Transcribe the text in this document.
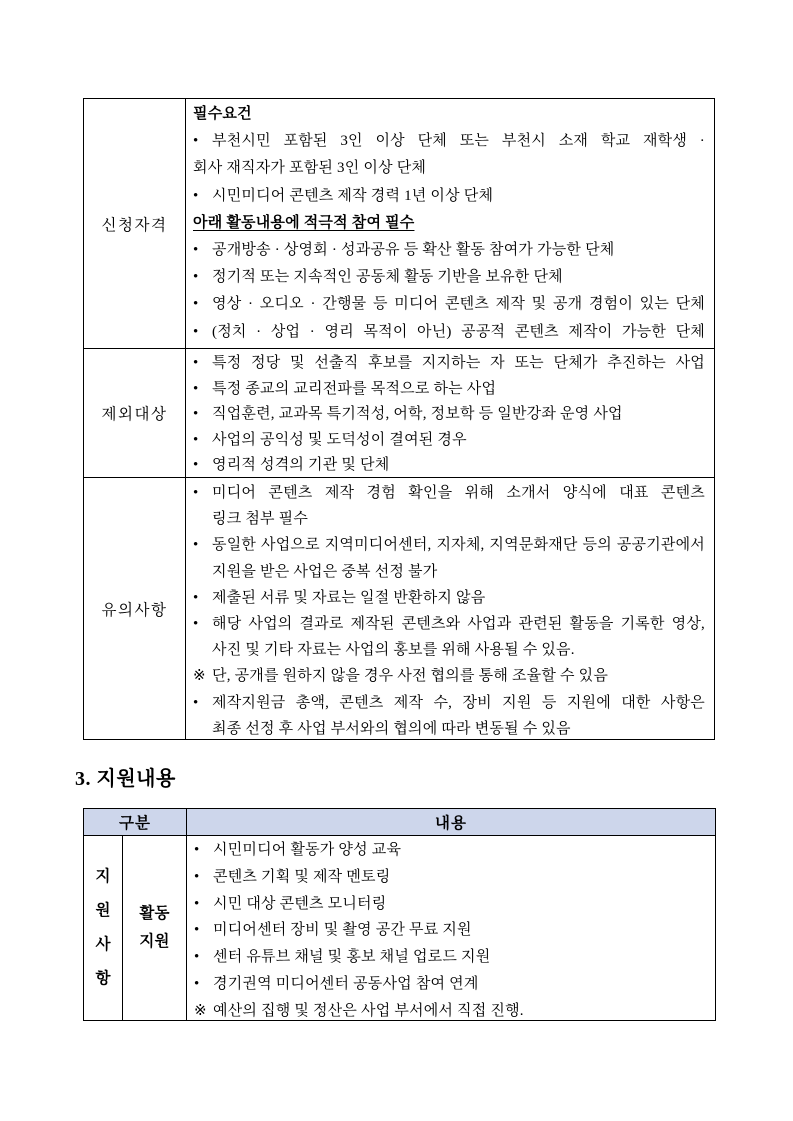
신청자격
필수요건
• 부천시민 포함된 3인 이상 단체 또는 부천시 소재 학교 재학생 ·
회사 재직자가 포함된 3인 이상 단체
• 시민미디어 콘텐츠 제작 경력 1년 이상 단체
아래 활동내용에 적극적 참여 필수
• 공개방송 · 상영회 · 성과공유 등 확산 활동 참여가 가능한 단체
• 정기적 또는 지속적인 공동체 활동 기반을 보유한 단체
• 영상 · 오디오 · 간행물 등 미디어 콘텐츠 제작 및 공개 경험이 있는 단체
• (정치 · 상업 · 영리 목적이 아닌) 공공적 콘텐츠 제작이 가능한 단체
제외대상
• 특정 정당 및 선출직 후보를 지지하는 자 또는 단체가 추진하는 사업
• 특정 종교의 교리전파를 목적으로 하는 사업
• 직업훈련, 교과목 특기적성, 어학, 정보학 등 일반강좌 운영 사업
• 사업의 공익성 및 도덕성이 결여된 경우
• 영리적 성격의 기관 및 단체
유의사항
• 미디어 콘텐츠 제작 경험 확인을 위해 소개서 양식에 대표 콘텐츠
링크 첨부 필수
• 동일한 사업으로 지역미디어센터, 지자체, 지역문화재단 등의 공공기관에서
지원을 받은 사업은 중복 선정 불가
• 제출된 서류 및 자료는 일절 반환하지 않음
• 해당 사업의 결과로 제작된 콘텐츠와 사업과 관련된 활동을 기록한 영상,
사진 및 기타 자료는 사업의 홍보를 위해 사용될 수 있음.
※ 단, 공개를 원하지 않을 경우 사전 협의를 통해 조율할 수 있음
• 제작지원금 총액, 콘텐츠 제작 수, 장비 지원 등 지원에 대한 사항은
최종 선정 후 사업 부서와의 협의에 따라 변동될 수 있음
3. 지원내용
구분	내용
지원사항
활동
지원
• 시민미디어 활동가 양성 교육
• 콘텐츠 기획 및 제작 멘토링
• 시민 대상 콘텐츠 모니터링
• 미디어센터 장비 및 촬영 공간 무료 지원
• 센터 유튜브 채널 및 홍보 채널 업로드 지원
• 경기권역 미디어센터 공동사업 참여 연계
※ 예산의 집행 및 정산은 사업 부서에서 직접 진행.
